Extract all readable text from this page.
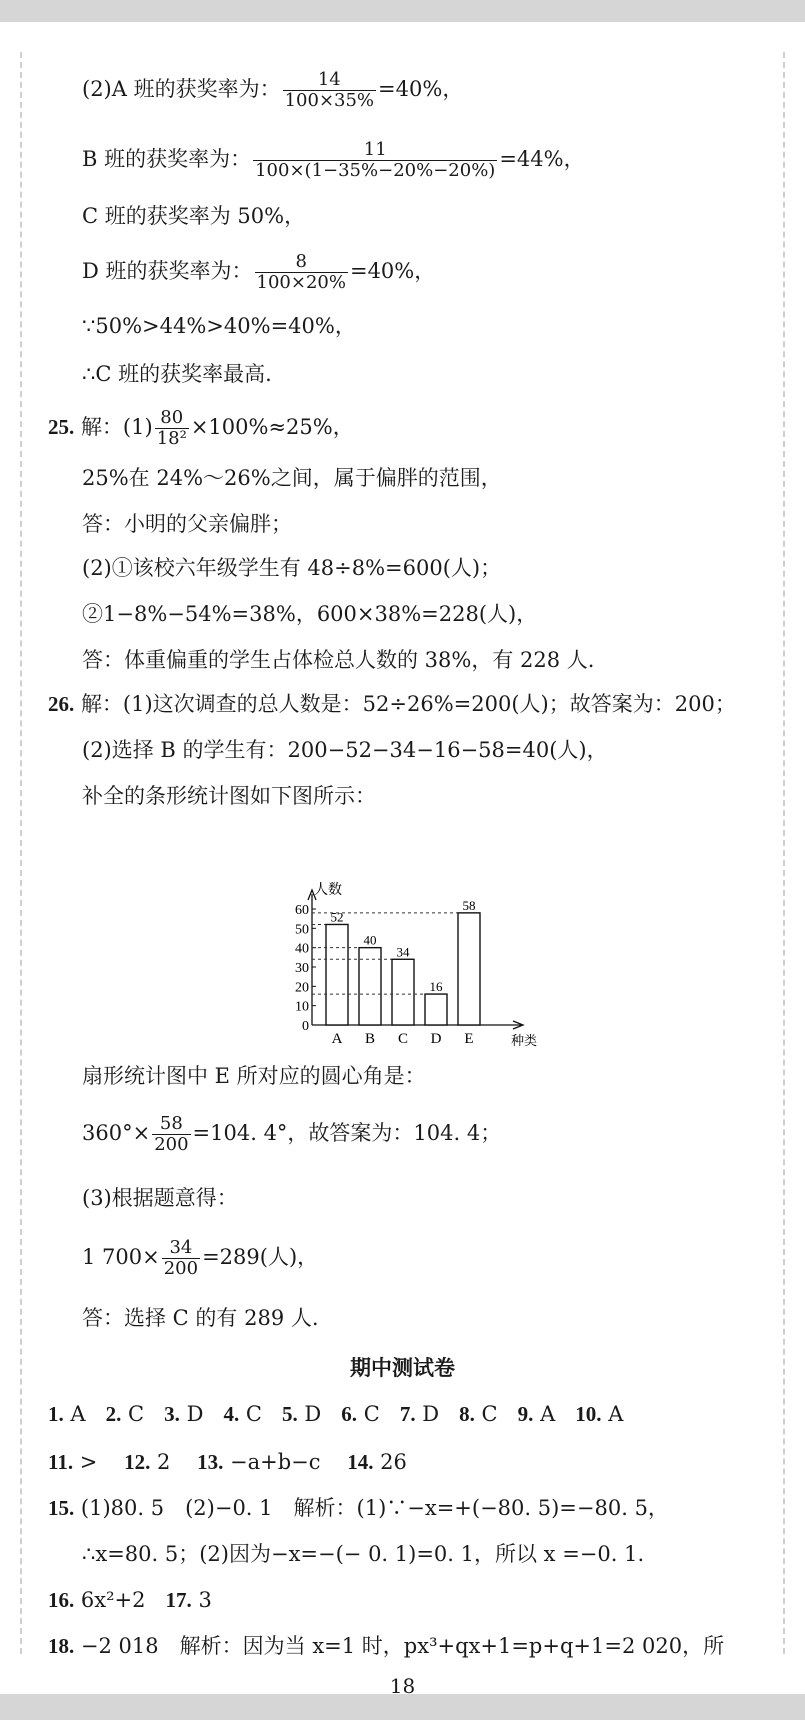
(2)A 班的获奖率为： $\frac{14}{100\times 35\%} =40\%$，
B 班的获奖率为： $\frac{11}{100\times(1-35\%-20\%-20\%)} =44\%$，
C 班的获奖率为 50%，
D 班的获奖率为： $\frac{8}{100\times 20\%} =40\%$，
∵50%>44%>40%=40%，
∴C 班的获奖率最高.
25. 解：$(1) \frac{80}{\text{18²}} \times 100\%\approx 25\%$，
25%在 24%～26%之间，属于偏胖的范围，
答：小明的父亲偏胖；
(2)①该校六年级学生有 48÷8%=600(人)；
②1−8%−54%=38%，600×38%=228(人)，
答：体重偏重的学生占体检总人数的 38%，有 228 人.
26. 解：(1)这次调查的总人数是：52÷26%=200(人)；故答案为：200；
(2)选择 B 的学生有：200−52−34−16−58=40(人)，
补全的条形统计图如下图所示：
人数
种类
0
10
20
30
40
50
60 52
A
40
B
34
C
16
D
58
E
扇形统计图中 E 所对应的圆心角是：
$360^\circ\times \frac{58}{200} =104$. 4°，故答案为：104. 4；
(3)根据题意得：
1 $700\times \frac{34}{200} =289$(人)，
答：选择 C 的有 289 人.
期中测试卷
1. A 2. C 3. D 4. C 5. D 6. C 7. D 8. C 9. A 10. A
11. > 12. 2 13. −a+b−c 14. 26
15. (1)80. 5　(2)−0. 1　解析：(1)∵−x=+(−80. 5)=−80. 5，
∴x=80. 5；(2)因为−x=−(− 0. 1)=0. 1，所以 x =−0. 1.
16. 6x²+2 17. 3
18. −2 018　解析：因为当 x=1 时，px³+qx+1=p+q+1=2 020，所
18
